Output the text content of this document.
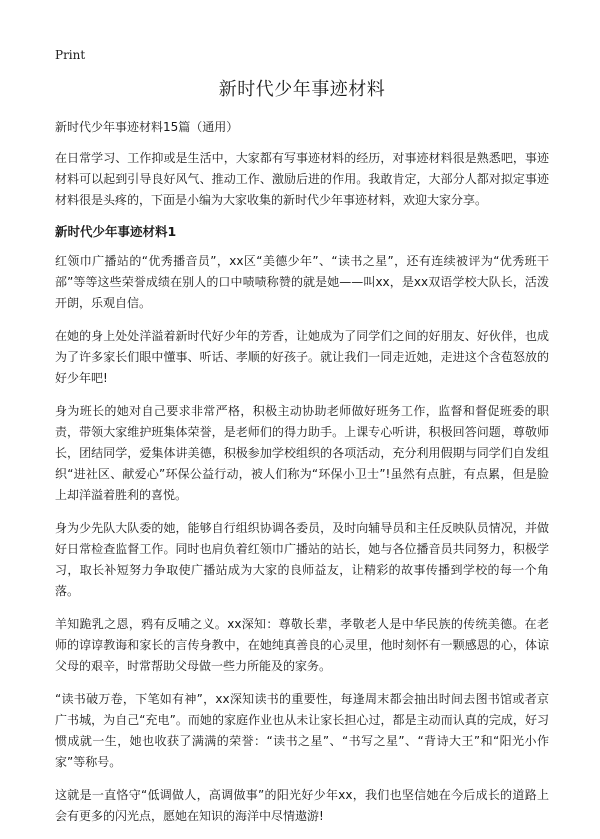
Print
新时代少年事迹材料

新时代少年事迹材料15篇（通用）

在日常学习、工作抑或是生活中，大家都有写事迹材料的经历，对事迹材料很是熟悉吧，事迹材料可以起到引导良好风气、推动工作、激励后进的作用。我敢肯定，大部分人都对拟定事迹材料很是头疼的，下面是小编为大家收集的新时代少年事迹材料，欢迎大家分享。

新时代少年事迹材料1

红领巾广播站的“优秀播音员”，xx区“美德少年”、“读书之星”，还有连续被评为“优秀班干部”等等这些荣誉成绩在别人的口中啧啧称赞的就是她——叫xx，是xx双语学校大队长，活泼开朗，乐观自信。

在她的身上处处洋溢着新时代好少年的芳香，让她成为了同学们之间的好朋友、好伙伴，也成为了许多家长们眼中懂事、听话、孝顺的好孩子。就让我们一同走近她，走进这个含苞怒放的好少年吧!

身为班长的她对自己要求非常严格，积极主动协助老师做好班务工作，监督和督促班委的职责，带领大家维护班集体荣誉，是老师们的得力助手。上课专心听讲，积极回答问题，尊敬师长，团结同学，爱集体讲美德，积极参加学校组织的各项活动，充分利用假期与同学们自发组织“进社区、献爱心”环保公益行动，被人们称为“环保小卫士”!虽然有点脏，有点累，但是脸上却洋溢着胜利的喜悦。

身为少先队大队委的她，能够自行组织协调各委员，及时向辅导员和主任反映队员情况，并做好日常检查监督工作。同时也肩负着红领巾广播站的站长，她与各位播音员共同努力，积极学习，取长补短努力争取使广播站成为大家的良师益友，让精彩的故事传播到学校的每一个角落。

羊知跪乳之恩，鸦有反哺之义。xx深知：尊敬长辈，孝敬老人是中华民族的传统美德。在老师的谆谆教诲和家长的言传身教中，在她纯真善良的心灵里，他时刻怀有一颗感恩的心，体谅父母的艰辛，时常帮助父母做一些力所能及的家务。

“读书破万卷，下笔如有神”，xx深知读书的重要性，每逢周末都会抽出时间去图书馆或者京广书城，为自己“充电”。而她的家庭作业也从未让家长担心过，都是主动而认真的完成，好习惯成就一生，她也收获了满满的荣誉：“读书之星”、“书写之星”、“背诗大王”和“阳光小作家”等称号。

这就是一直恪守“低调做人，高调做事”的阳光好少年xx，我们也坚信她在今后成长的道路上会有更多的闪光点，愿她在知识的海洋中尽情遨游!
